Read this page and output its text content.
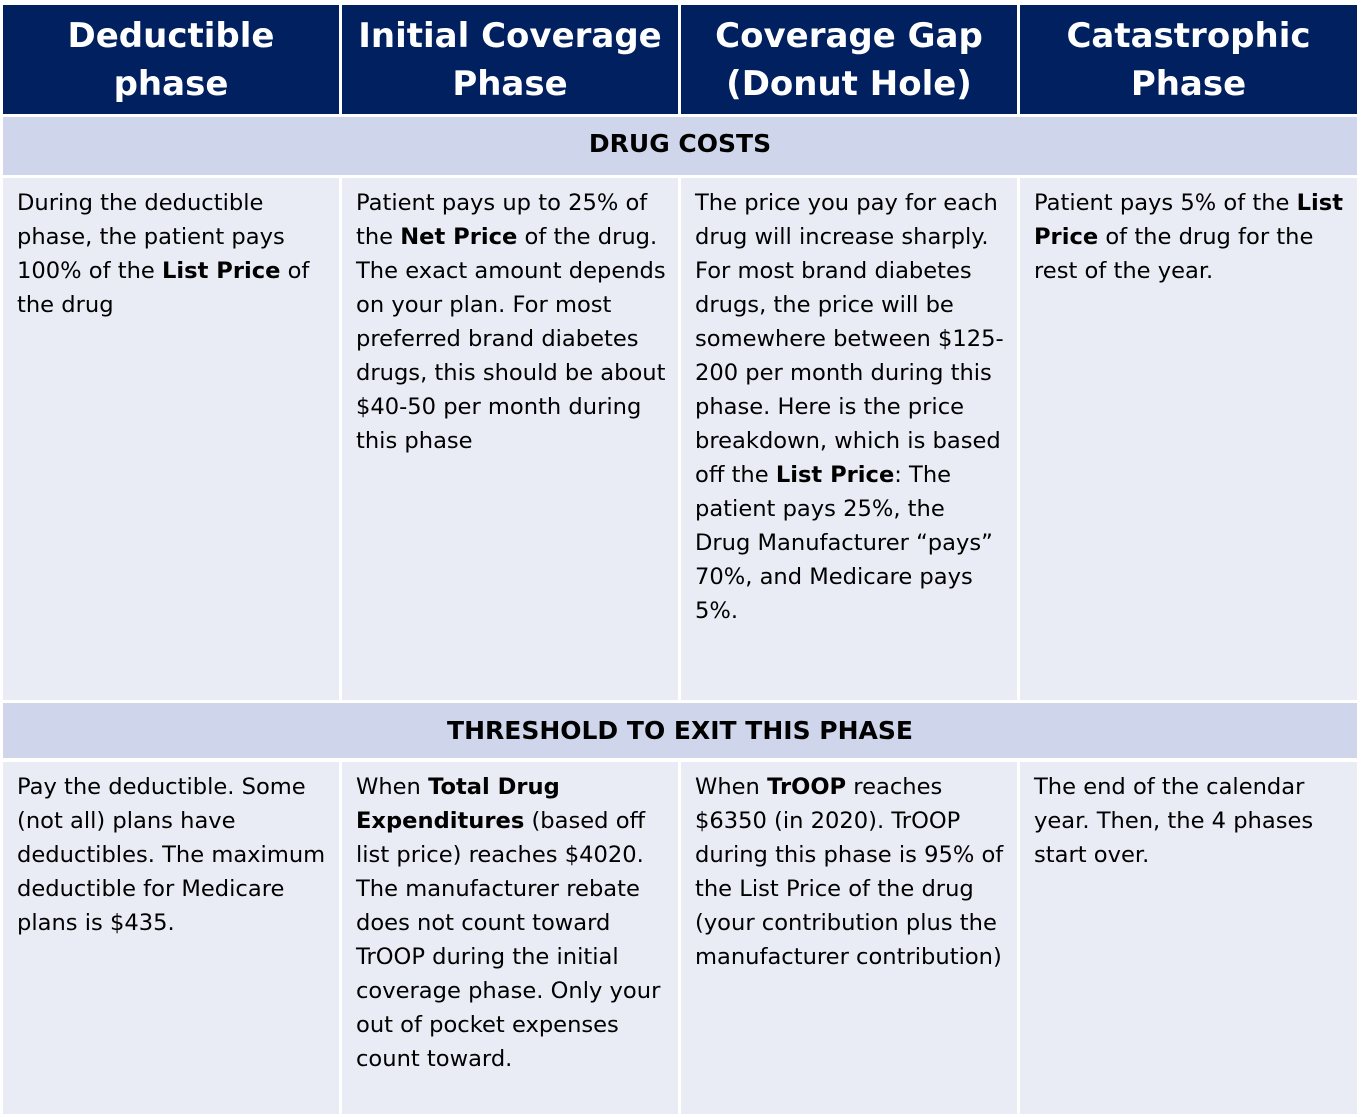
Deductible phase
Initial Coverage Phase
Coverage Gap (Donut Hole)
Catastrophic Phase
DRUG COSTS
During the deductible phase, the patient pays 100% of the List Price of the drug
Patient pays up to 25% of the Net Price of the drug. The exact amount depends on your plan. For most preferred brand diabetes drugs, this should be about $40-50 per month during this phase
The price you pay for each drug will increase sharply. For most brand diabetes drugs, the price will be somewhere between $125-200 per month during this phase. Here is the price breakdown, which is based off the List Price: The patient pays 25%, the Drug Manufacturer “pays” 70%, and Medicare pays 5%.
Patient pays 5% of the List Price of the drug for the rest of the year.
THRESHOLD TO EXIT THIS PHASE
Pay the deductible. Some (not all) plans have deductibles. The maximum deductible for Medicare plans is $435.
When Total Drug Expenditures (based off list price) reaches $4020. The manufacturer rebate does not count toward TrOOP during the initial coverage phase. Only your out of pocket expenses count toward.
When TrOOP reaches $6350 (in 2020). TrOOP during this phase is 95% of the List Price of the drug (your contribution plus the manufacturer contribution)
The end of the calendar year. Then, the 4 phases start over.
